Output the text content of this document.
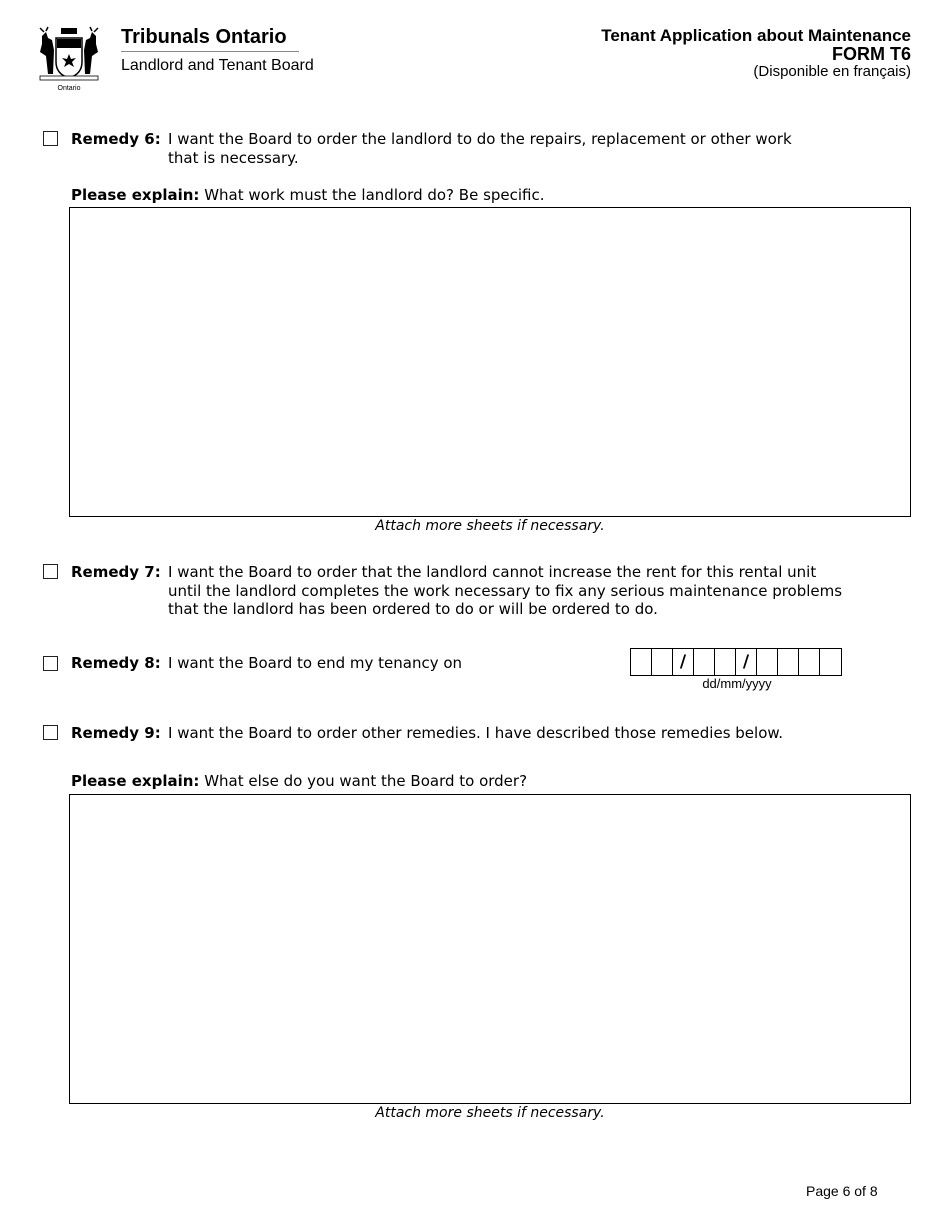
Ontario
Tribunals Ontario
Landlord and Tenant Board
Tenant Application about Maintenance
FORM T6
(Disponible en français)
Remedy 6: I want the Board to order the landlord to do the repairs, replacement or other work
that is necessary.
Please explain: What work must the landlord do? Be specific.
Attach more sheets if necessary.
Remedy 7: I want the Board to order that the landlord cannot increase the rent for this rental unit
until the landlord completes the work necessary to fix any serious maintenance problems
that the landlord has been ordered to do or will be ordered to do.
Remedy 8: I want the Board to end my tenancy on	/	/
dd/mm/yyyy
Remedy 9: I want the Board to order other remedies. I have described those remedies below.
Please explain: What else do you want the Board to order?
Attach more sheets if necessary.
Page 6 of 8
